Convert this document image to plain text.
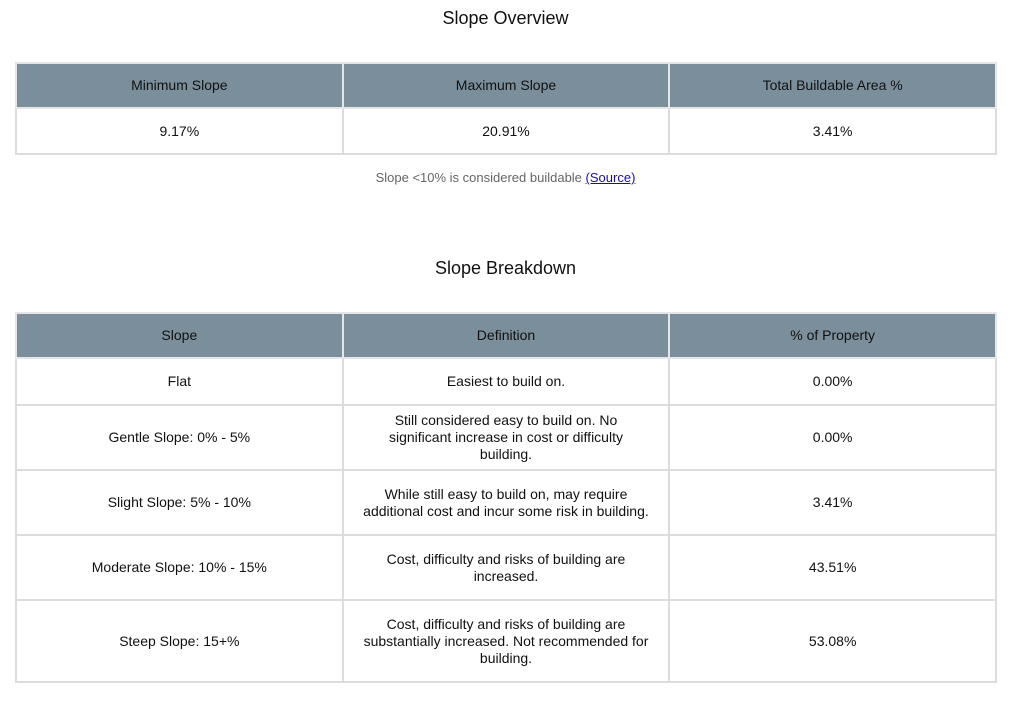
Slope Overview
Minimum Slope	Maximum Slope	Total Buildable Area %
9.17%	20.91%	3.41%
Slope <10% is considered buildable (Source)
Slope Breakdown
Slope	Definition	% of Property
Flat	Easiest to build on.	0.00%
Gentle Slope: 0% - 5%	Still considered easy to build on. No significant increase in cost or difficulty building.	0.00%
Slight Slope: 5% - 10%	While still easy to build on, may require additional cost and incur some risk in building.	3.41%
Moderate Slope: 10% - 15%	Cost, difficulty and risks of building are increased.	43.51%
Steep Slope: 15+%	Cost, difficulty and risks of building are substantially increased. Not recommended for building.	53.08%
